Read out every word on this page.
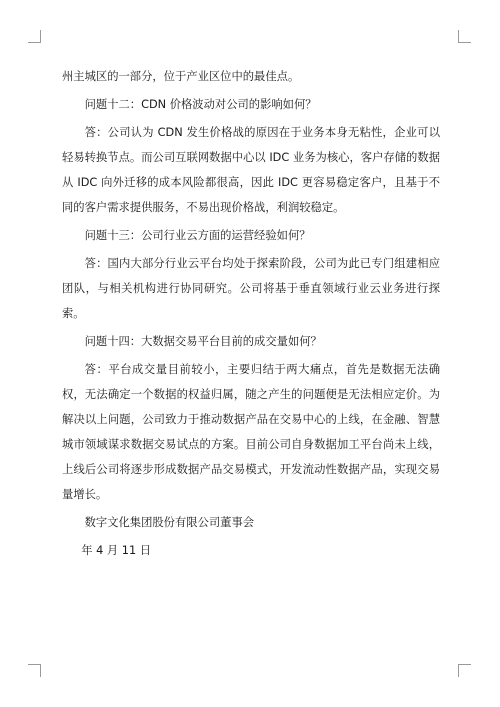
州主城区的一部分，位于产业区位中的最佳点。

问题十二：CDN 价格波动对公司的影响如何？

答：公司认为 CDN 发生价格战的原因在于业务本身无粘性，企业可以轻易转换节点。而公司互联网数据中心以 IDC 业务为核心，客户存储的数据从 IDC 向外迁移的成本风险都很高，因此 IDC 更容易稳定客户，且基于不同的客户需求提供服务，不易出现价格战，利润较稳定。

问题十三：公司行业云方面的运营经验如何？

答：国内大部分行业云平台均处于探索阶段，公司为此已专门组建相应团队，与相关机构进行协同研究。公司将基于垂直领域行业云业务进行探索。

问题十四：大数据交易平台目前的成交量如何？

答：平台成交量目前较小，主要归结于两大痛点，首先是数据无法确权，无法确定一个数据的权益归属，随之产生的问题便是无法相应定价。为解决以上问题，公司致力于推动数据产品在交易中心的上线，在金融、智慧城市领域谋求数据交易试点的方案。目前公司自身数据加工平台尚未上线，上线后公司将逐步形成数据产品交易模式，开发流动性数据产品，实现交易量增长。

数字文化集团股份有限公司董事会

年 4 月 11 日
